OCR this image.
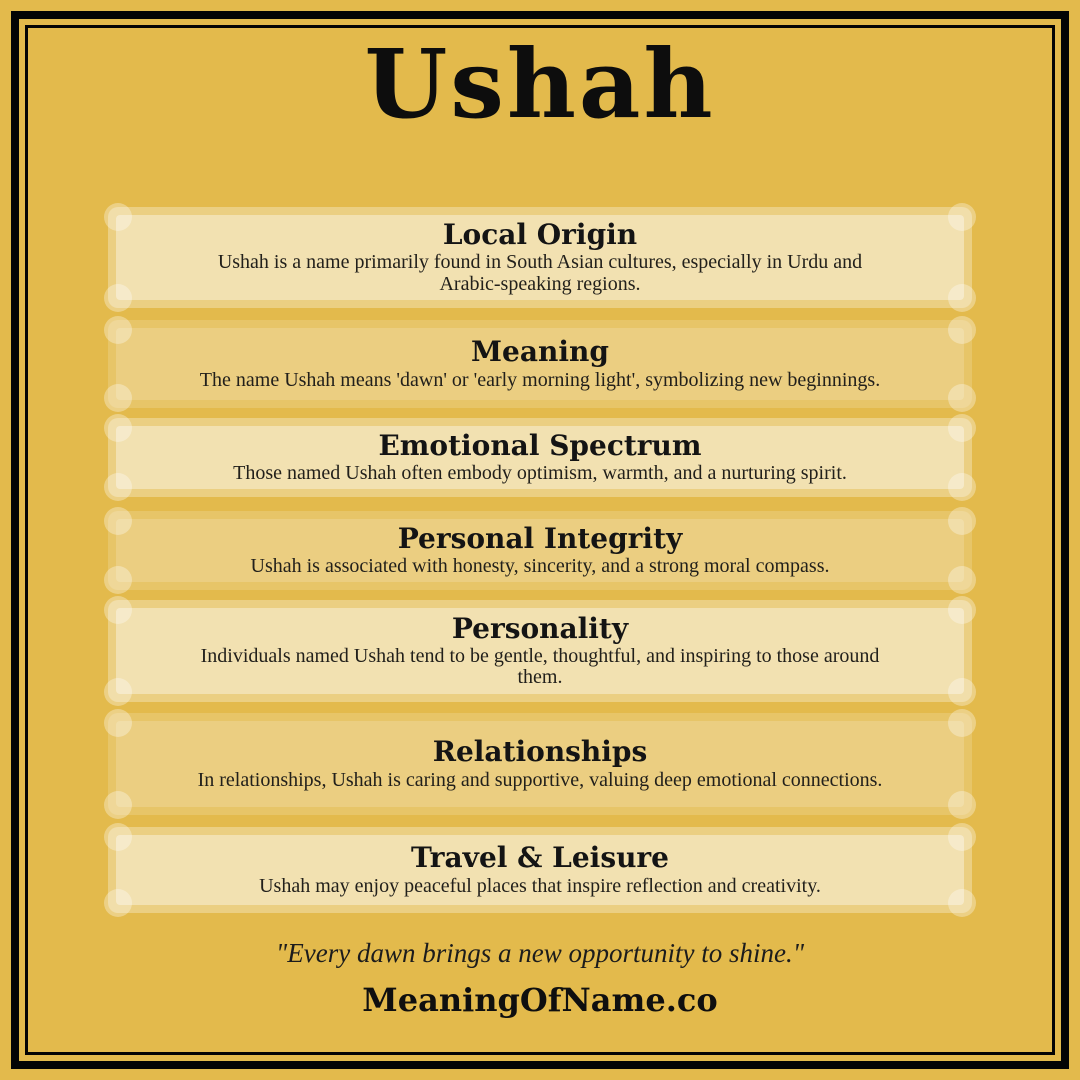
Ushah
Local Origin

Ushah is a name primarily found in South Asian cultures, especially in Urdu and Arabic-speaking regions.

Meaning

The name Ushah means 'dawn' or 'early morning light', symbolizing new beginnings.

Emotional Spectrum

Those named Ushah often embody optimism, warmth, and a nurturing spirit.

Personal Integrity

Ushah is associated with honesty, sincerity, and a strong moral compass.

Personality

Individuals named Ushah tend to be gentle, thoughtful, and inspiring to those around them.

Relationships

In relationships, Ushah is caring and supportive, valuing deep emotional connections.

Travel & Leisure

Ushah may enjoy peaceful places that inspire reflection and creativity.

"Every dawn brings a new opportunity to shine."

MeaningOfName.co
